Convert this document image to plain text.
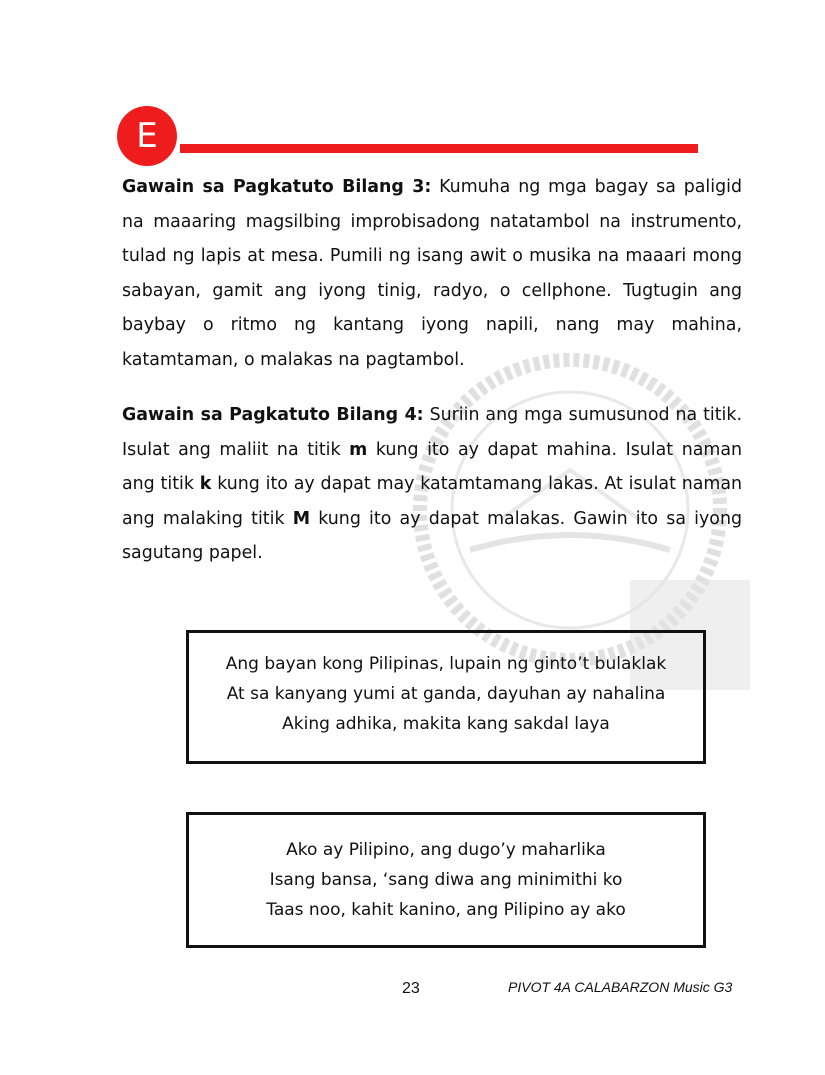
E
Gawain sa Pagkatuto Bilang 3: Kumuha ng mga bagay sa paligid na maaaring magsilbing improbisadong natatambol na instrumento, tulad ng lapis at mesa. Pumili ng isang awit o musika na maaari mong sabayan, gamit ang iyong tinig, radyo, o cellphone. Tugtugin ang baybay o ritmo ng kantang iyong napili, nang may mahina, katamtaman, o malakas na pagtambol.
Gawain sa Pagkatuto Bilang 4: Suriin ang mga sumusunod na titik. Isulat ang maliit na titik m kung ito ay dapat mahina. Isulat naman ang titik k kung ito ay dapat may katamtamang lakas. At isulat naman ang malaking titik M kung ito ay dapat malakas. Gawin ito sa iyong sagutang papel.
Ang bayan kong Pilipinas, lupain ng ginto’t bulaklak
At sa kanyang yumi at ganda, dayuhan ay nahalina
Aking adhika, makita kang sakdal laya
Ako ay Pilipino, ang dugo’y maharlika
Isang bansa, ‘sang diwa ang minimithi ko
Taas noo, kahit kanino, ang Pilipino ay ako
23	PIVOT 4A CALABARZON Music G3
